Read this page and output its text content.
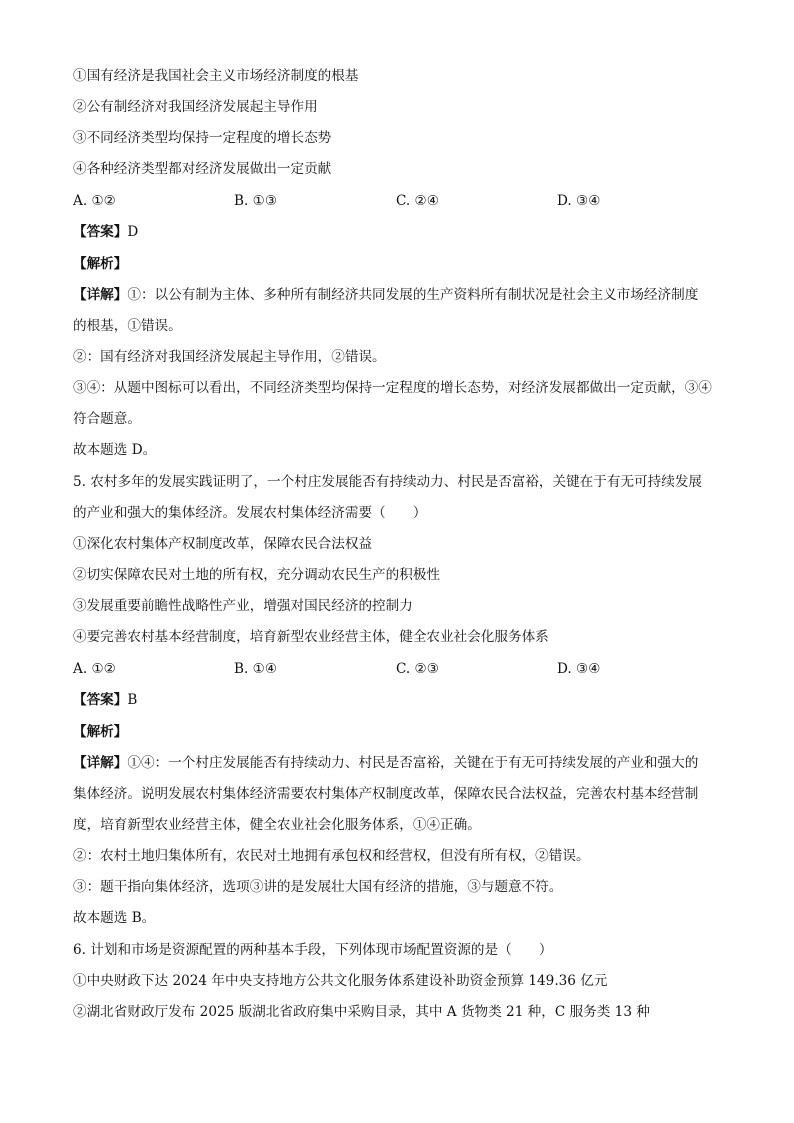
①国有经济是我国社会主义市场经济制度的根基
②公有制经济对我国经济发展起主导作用
③不同经济类型均保持一定程度的增长态势
④各种经济类型都对经济发展做出一定贡献
A. ①②	B. ①③	C. ②④	D. ③④
【答案】D
【解析】
【详解】①：以公有制为主体、多种所有制经济共同发展的生产资料所有制状况是社会主义市场经济制度
的根基，①错误。
②：国有经济对我国经济发展起主导作用，②错误。
③④：从题中图标可以看出，不同经济类型均保持一定程度的增长态势，对经济发展都做出一定贡献，③④
符合题意。
故本题选 D。
5. 农村多年的发展实践证明了，一个村庄发展能否有持续动力、村民是否富裕，关键在于有无可持续发展
的产业和强大的集体经济。发展农村集体经济需要（　　）
①深化农村集体产权制度改革，保障农民合法权益
②切实保障农民对土地的所有权，充分调动农民生产的积极性
③发展重要前瞻性战略性产业，增强对国民经济的控制力
④要完善农村基本经营制度，培育新型农业经营主体，健全农业社会化服务体系
A. ①②	B. ①④	C. ②③	D. ③④
【答案】B
【解析】
【详解】①④：一个村庄发展能否有持续动力、村民是否富裕，关键在于有无可持续发展的产业和强大的
集体经济。说明发展农村集体经济需要农村集体产权制度改革，保障农民合法权益，完善农村基本经营制
度，培育新型农业经营主体，健全农业社会化服务体系，①④正确。
②：农村土地归集体所有，农民对土地拥有承包权和经营权，但没有所有权，②错误。
③：题干指向集体经济，选项③讲的是发展壮大国有经济的措施，③与题意不符。
故本题选 B。
6. 计划和市场是资源配置的两种基本手段，下列体现市场配置资源的是（　　）
①中央财政下达 2024 年中央支持地方公共文化服务体系建设补助资金预算 149.36 亿元
②湖北省财政厅发布 2025 版湖北省政府集中采购目录，其中 A 货物类 21 种，C 服务类 13 种
